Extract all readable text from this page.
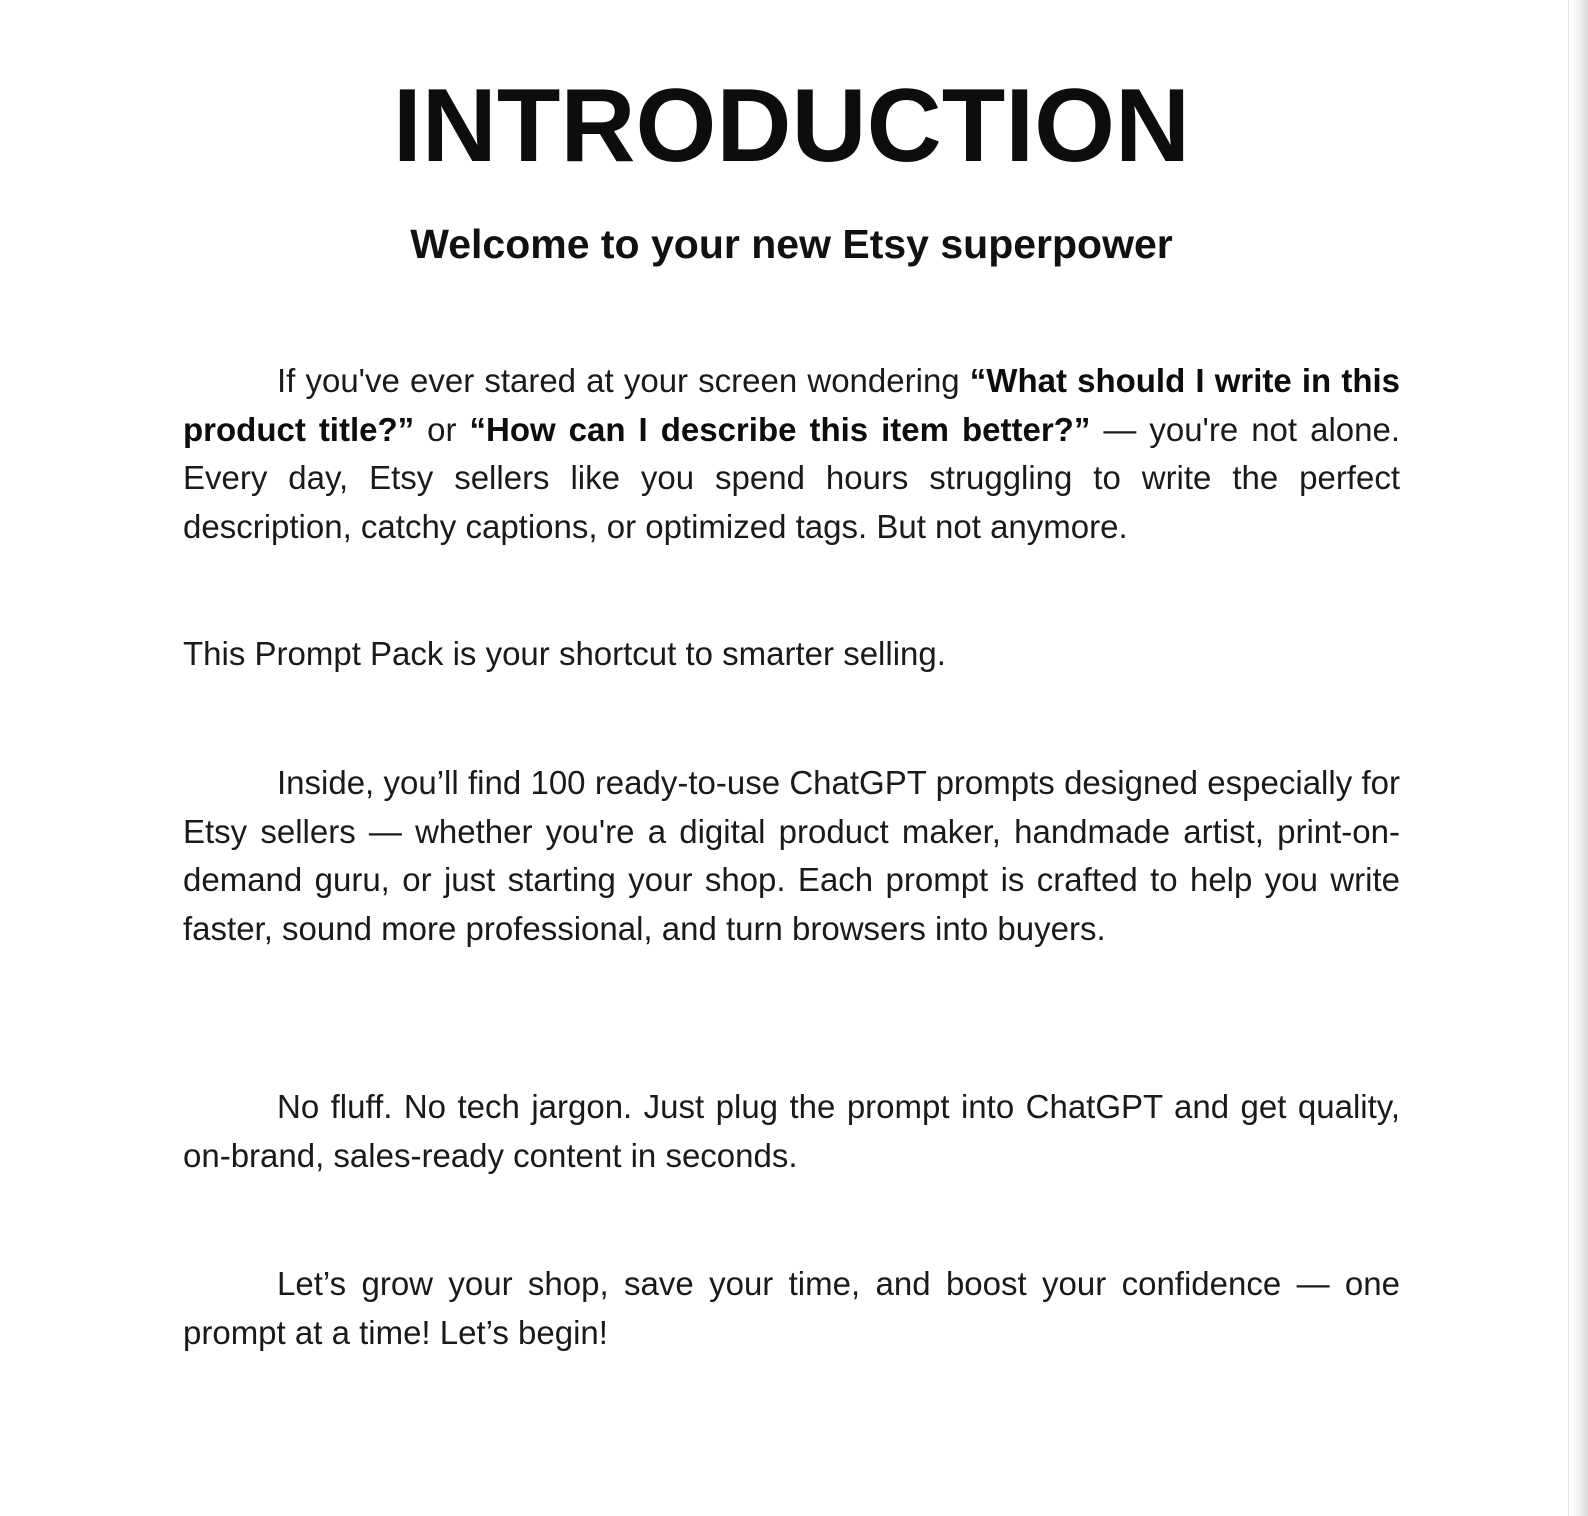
INTRODUCTION
Welcome to your new Etsy superpower

If you've ever stared at your screen wondering “What should I write in this product title?” or “How can I describe this item better?” — you're not alone. Every day, Etsy sellers like you spend hours struggling to write the perfect description, catchy captions, or optimized tags. But not anymore.

This Prompt Pack is your shortcut to smarter selling.

Inside, you’ll find 100 ready-to-use ChatGPT prompts designed especially for Etsy sellers — whether you're a digital product maker, handmade artist, print-on-demand guru, or just starting your shop. Each prompt is crafted to help you write faster, sound more professional, and turn browsers into buyers.

No fluff. No tech jargon. Just plug the prompt into ChatGPT and get quality, on-brand, sales-ready content in seconds.

Let’s grow your shop, save your time, and boost your confidence — one prompt at a time! Let’s begin!
